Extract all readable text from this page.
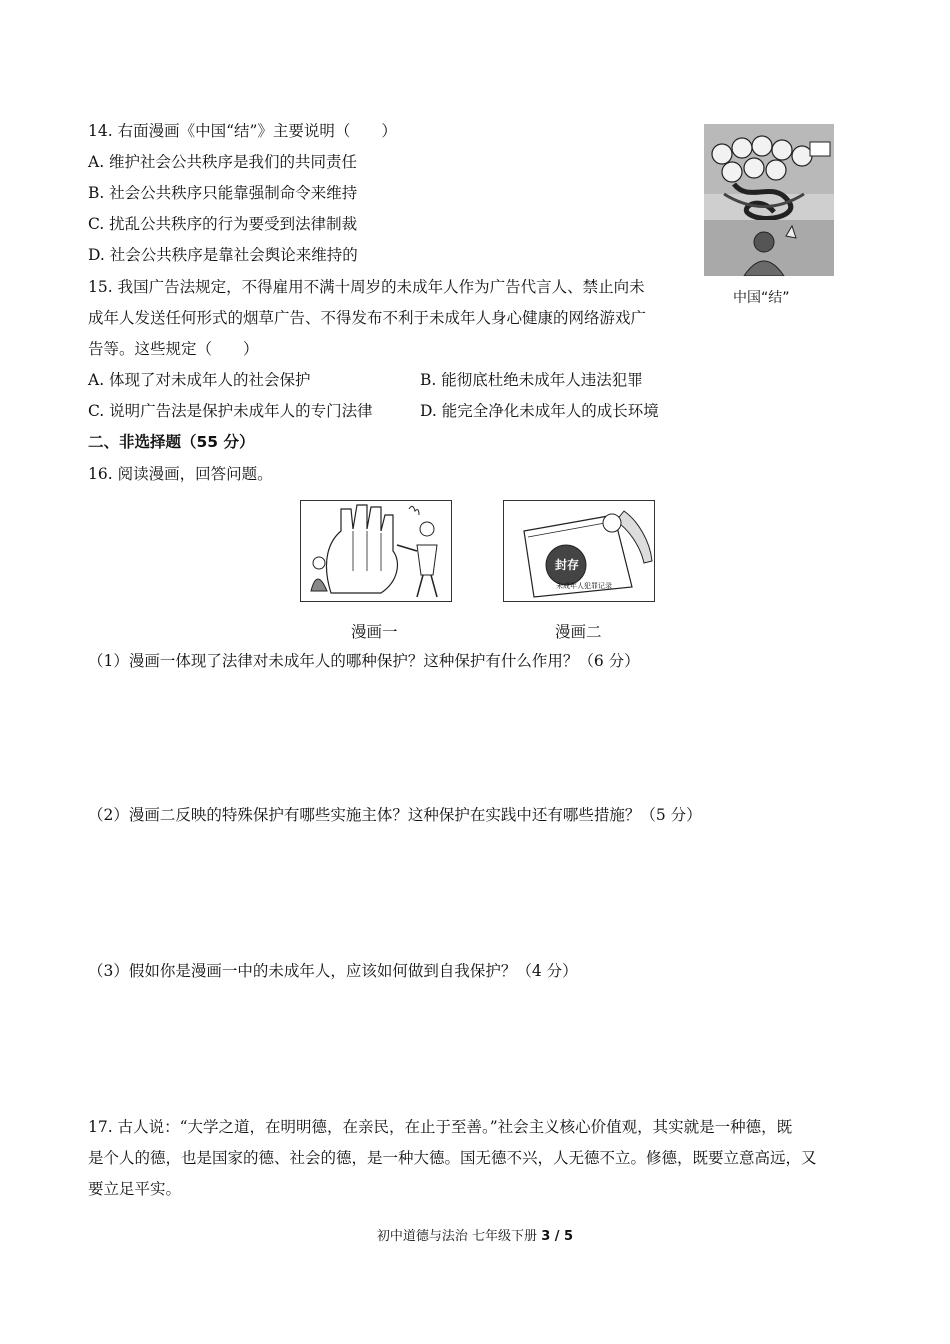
14. 右面漫画《中国“结”》主要说明（　　）
A. 维护社会公共秩序是我们的共同责任
B. 社会公共秩序只能靠强制命令来维持
C. 扰乱公共秩序的行为要受到法律制裁
D. 社会公共秩序是靠社会舆论来维持的
中国“结”
15. 我国广告法规定，不得雇用不满十周岁的未成年人作为广告代言人、禁止向未
成年人发送任何形式的烟草广告、不得发布不利于未成年人身心健康的网络游戏广
告等。这些规定（　　）
A. 体现了对未成年人的社会保护	B. 能彻底杜绝未成年人违法犯罪
C. 说明广告法是保护未成年人的专门法律	D. 能完全净化未成年人的成长环境
二、非选择题（55 分）
16. 阅读漫画，回答问题。
漫画一
封存
未成年人犯罪记录
漫画二
（1）漫画一体现了法律对未成年人的哪种保护？这种保护有什么作用？（6 分）
（2）漫画二反映的特殊保护有哪些实施主体？这种保护在实践中还有哪些措施？（5 分）
（3）假如你是漫画一中的未成年人，应该如何做到自我保护？（4 分）
17. 古人说：“大学之道，在明明德，在亲民，在止于至善。”社会主义核心价值观，其实就是一种德，既
是个人的德，也是国家的德、社会的德，是一种大德。国无德不兴，人无德不立。修德，既要立意高远，又
要立足平实。
初中道德与法治 七年级下册 3 / 5
